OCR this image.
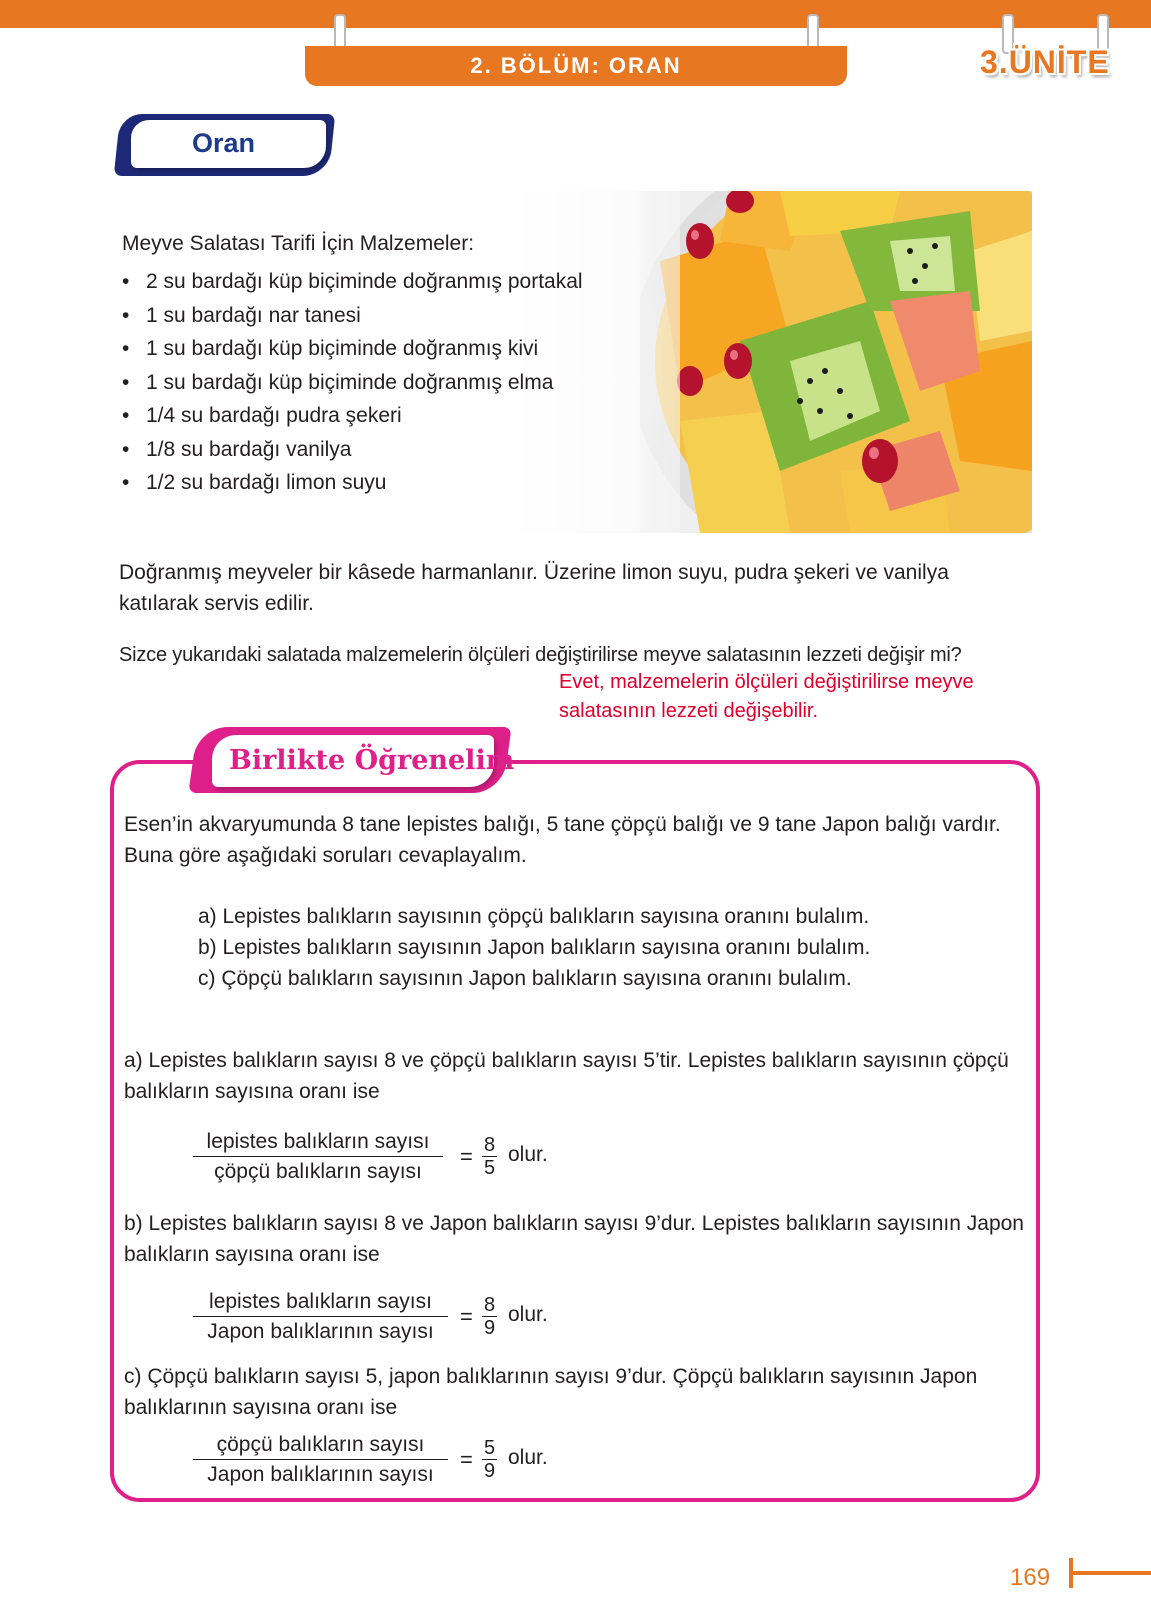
2. BÖLÜM: ORAN	3.ÜNİTE
Oran
Meyve Salatası Tarifi İçin Malzemeler:
• 2 su bardağı küp biçiminde doğranmış portakal
• 1 su bardağı nar tanesi
• 1 su bardağı küp biçiminde doğranmış kivi
• 1 su bardağı küp biçiminde doğranmış elma
• 1/4 su bardağı pudra şekeri
• 1/8 su bardağı vanilya
• 1/2 su bardağı limon suyu
Doğranmış meyveler bir kâsede harmanlanır. Üzerine limon suyu, pudra şekeri ve vanilya katılarak servis edilir.
Sizce yukarıdaki salatada malzemelerin ölçüleri değiştirilirse meyve salatasının lezzeti değişir mi?
Evet, malzemelerin ölçüleri değiştirilirse meyve
salatasının lezzeti değişebilir.
Birlikte Öğrenelim
Esen’in akvaryumunda 8 tane lepistes balığı, 5 tane çöpçü balığı ve 9 tane Japon balığı vardır. Buna göre aşağıdaki soruları cevaplayalım.
a) Lepistes balıkların sayısının çöpçü balıkların sayısına oranını bulalım.
b) Lepistes balıkların sayısının Japon balıkların sayısına oranını bulalım.
c) Çöpçü balıkların sayısının Japon balıkların sayısına oranını bulalım.
a) Lepistes balıkların sayısı 8 ve çöpçü balıkların sayısı 5’tir. Lepistes balıkların sayısının çöpçü balıkların sayısına oranı ise
lepistes balıkların sayısı
çöpçü balıkların sayısı
= $\frac{8}{5}$ olur.
b) Lepistes balıkların sayısı 8 ve Japon balıkların sayısı 9’dur. Lepistes balıkların sayısının Japon balıkların sayısına oranı ise
lepistes balıkların sayısı
Japon balıklarının sayısı
= $\frac{8}{9}$ olur.
c) Çöpçü balıkların sayısı 5, japon balıklarının sayısı 9’dur. Çöpçü balıkların sayısının Japon balıklarının sayısına oranı ise
çöpçü balıkların sayısı
Japon balıklarının sayısı
= $\frac{5}{9}$ olur.
169
